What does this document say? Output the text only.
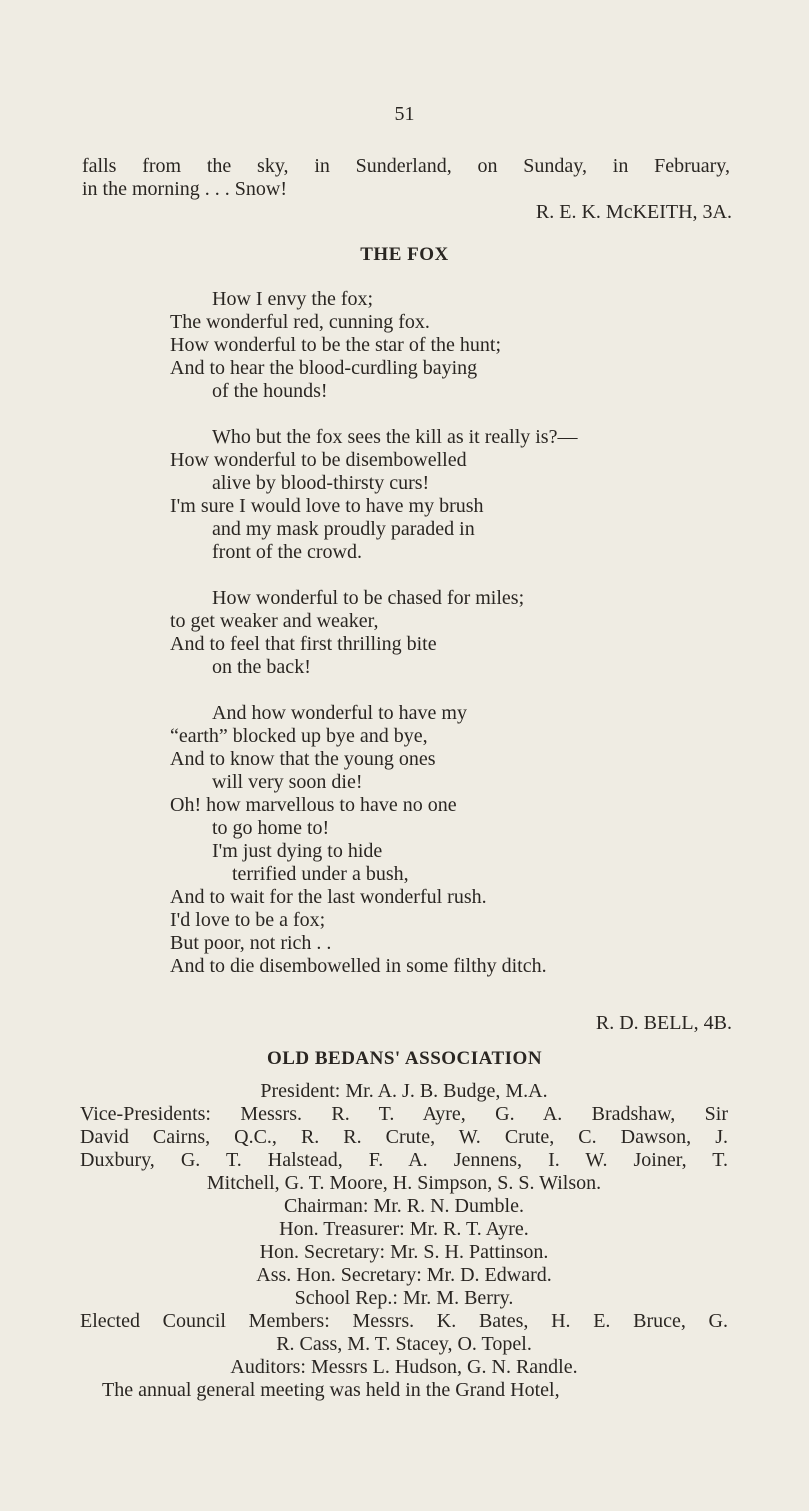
51
falls from the sky, in Sunderland, on Sunday, in February,
in the morning . . . Snow!
R. E. K. McKEITH, 3A.
THE FOX
How I envy the fox;
The wonderful red, cunning fox.
How wonderful to be the star of the hunt;
And to hear the blood-curdling baying
of the hounds!
Who but the fox sees the kill as it really is?—
How wonderful to be disembowelled
alive by blood-thirsty curs!
I'm sure I would love to have my brush
and my mask proudly paraded in
front of the crowd.
How wonderful to be chased for miles;
to get weaker and weaker,
And to feel that first thrilling bite
on the back!
And how wonderful to have my
“earth” blocked up bye and bye,
And to know that the young ones
will very soon die!
Oh! how marvellous to have no one
to go home to!
I'm just dying to hide
terrified under a bush,
And to wait for the last wonderful rush.
I'd love to be a fox;
But poor, not rich . .
And to die disembowelled in some filthy ditch.
R. D. BELL, 4B.
OLD BEDANS' ASSOCIATION
President: Mr. A. J. B. Budge, M.A.
Vice-Presidents: Messrs. R. T. Ayre, G. A. Bradshaw, Sir
David Cairns, Q.C., R. R. Crute, W. Crute, C. Dawson, J.
Duxbury, G. T. Halstead, F. A. Jennens, I. W. Joiner, T.
Mitchell, G. T. Moore, H. Simpson, S. S. Wilson.
Chairman: Mr. R. N. Dumble.
Hon. Treasurer: Mr. R. T. Ayre.
Hon. Secretary: Mr. S. H. Pattinson.
Ass. Hon. Secretary: Mr. D. Edward.
School Rep.: Mr. M. Berry.
Elected Council Members: Messrs. K. Bates, H. E. Bruce, G.
R. Cass, M. T. Stacey, O. Topel.
Auditors: Messrs L. Hudson, G. N. Randle.
The annual general meeting was held in the Grand Hotel,
